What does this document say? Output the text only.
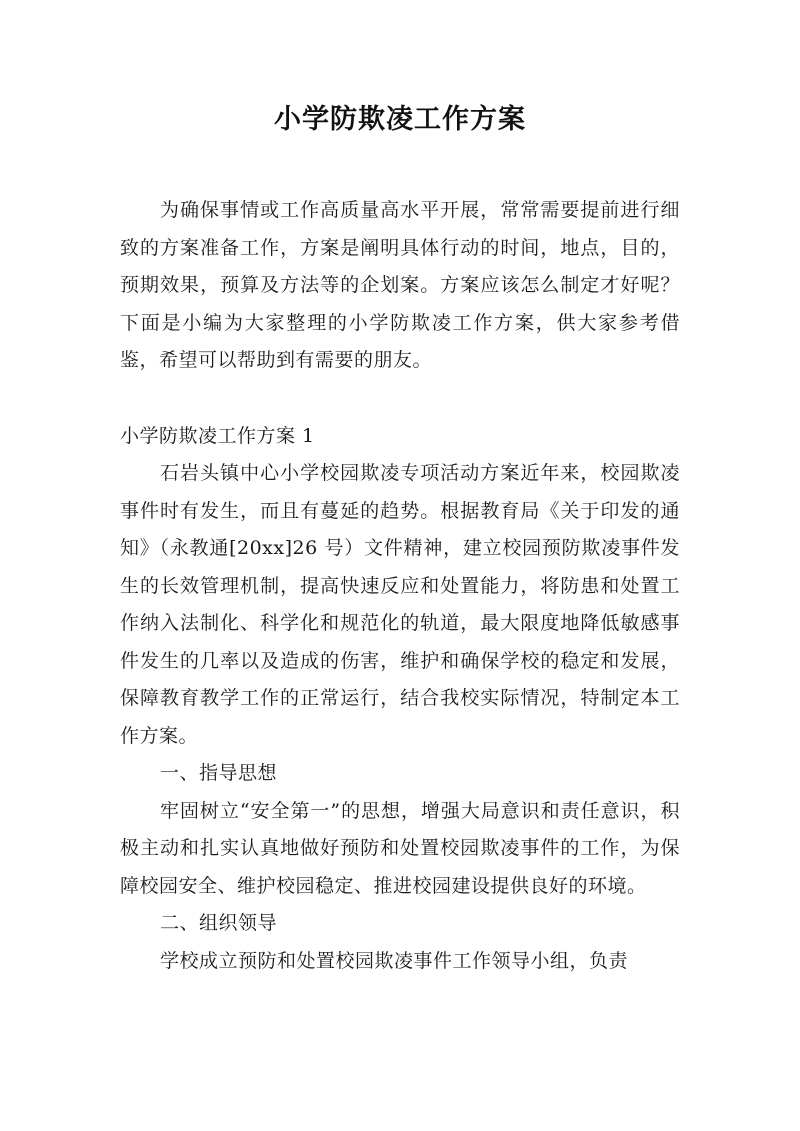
小学防欺凌工作方案

为确保事情或工作高质量高水平开展，常常需要提前进行细致的方案准备工作，方案是阐明具体行动的时间，地点，目的，预期效果，预算及方法等的企划案。方案应该怎么制定才好呢？下面是小编为大家整理的小学防欺凌工作方案，供大家参考借鉴，希望可以帮助到有需要的朋友。

小学防欺凌工作方案 1

石岩头镇中心小学校园欺凌专项活动方案近年来，校园欺凌事件时有发生，而且有蔓延的趋势。根据教育局《关于印发的通知》（永教通[20xx]26 号）文件精神，建立校园预防欺凌事件发生的长效管理机制，提高快速反应和处置能力，将防患和处置工作纳入法制化、科学化和规范化的轨道，最大限度地降低敏感事件发生的几率以及造成的伤害，维护和确保学校的稳定和发展，保障教育教学工作的正常运行，结合我校实际情况，特制定本工作方案。

一、指导思想

牢固树立“安全第一”的思想，增强大局意识和责任意识，积极主动和扎实认真地做好预防和处置校园欺凌事件的工作，为保障校园安全、维护校园稳定、推进校园建设提供良好的环境。

二、组织领导

学校成立预防和处置校园欺凌事件工作领导小组，负责
